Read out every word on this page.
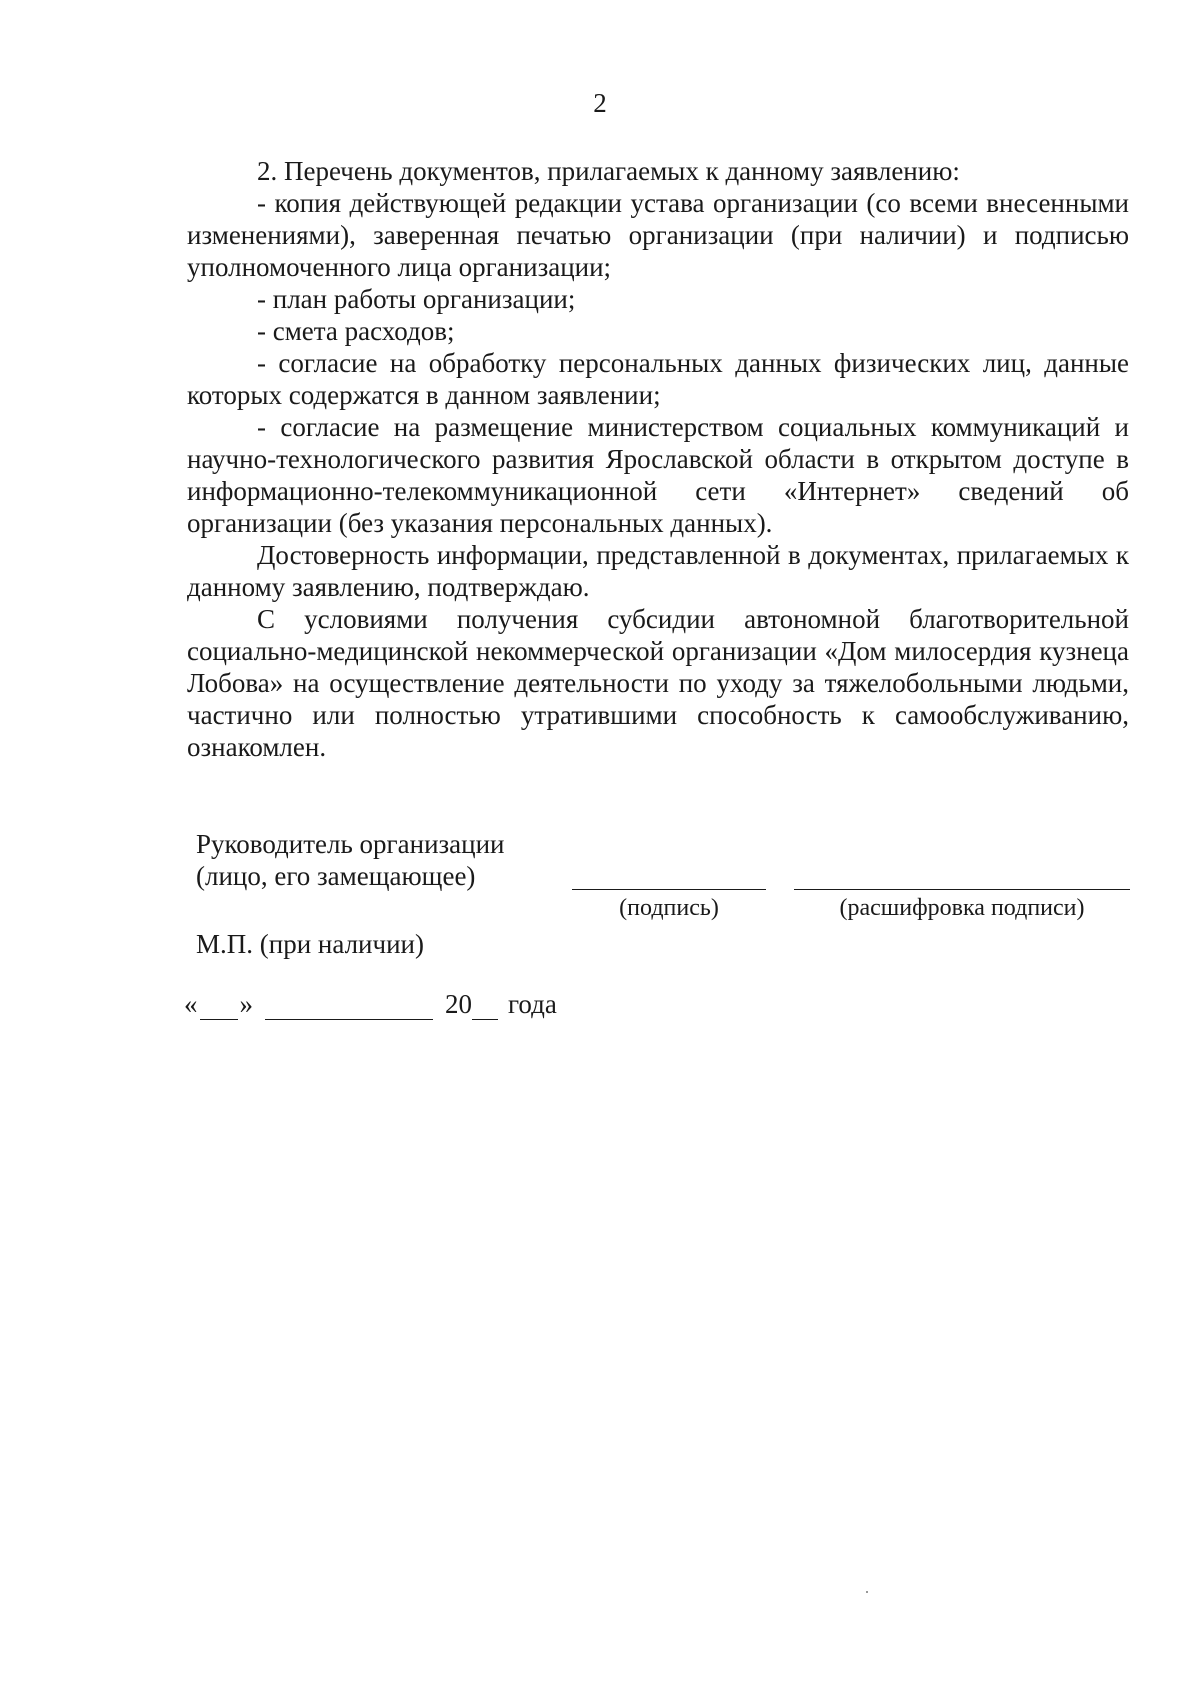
2

2. Перечень документов, прилагаемых к данному заявлению:

- копия действующей редакции устава организации (со всеми внесенными изменениями), заверенная печатью организации (при наличии) и подписью уполномоченного лица организации;

- план работы организации;

- смета расходов;

- согласие на обработку персональных данных физических лиц, данные которых содержатся в данном заявлении;

- согласие на размещение министерством социальных коммуникаций и научно-технологического развития Ярославской области в открытом доступе в информационно-телекоммуникационной сети «Интернет» сведений об организации (без указания персональных данных).

Достоверность информации, представленной в документах, прилагаемых к данному заявлению, подтверждаю.

С условиями получения субсидии автономной благотворительной социально-медицинской некоммерческой организации «Дом милосердия кузнеца Лобова» на осуществление деятельности по уходу за тяжелобольными людьми, частично или полностью утратившими способность к самообслуживанию, ознакомлен.

Руководитель организации
(лицо, его замещающее)
(подпись)	(расшифровка подписи)
М.П. (при наличии)
« »	20 года
